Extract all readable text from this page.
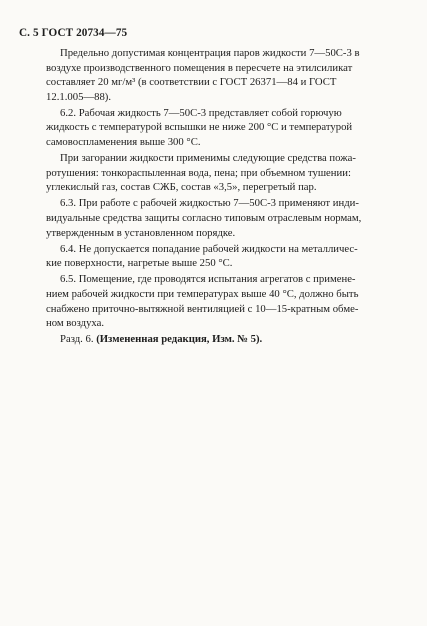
С. 5 ГОСТ 20734—75
Предельно допустимая концентрация паров жидкости 7—50С-3 в
воздухе производственного помещения в пересчете на этилсиликат
составляет 20 мг/м³ (в соответствии с ГОСТ 26371—84 и ГОСТ
12.1.005—88).
6.2. Рабочая жидкость 7—50С-3 представляет собой горючую
жидкость с температурой вспышки не ниже 200 °С и температурой
самовоспламенения выше 300 °С.
При загорании жидкости применимы следующие средства пожа-
ротушения: тонкораспыленная вода, пена; при объемном тушении:
углекислый газ, состав СЖБ, состав «3,5», перегретый пар.
6.3. При работе с рабочей жидкостью 7—50С-3 применяют инди-
видуальные средства защиты согласно типовым отраслевым нормам,
утвержденным в установленном порядке.
6.4. Не допускается попадание рабочей жидкости на металличес-
кие поверхности, нагретые выше 250 °С.
6.5. Помещение, где проводятся испытания агрегатов с примене-
нием рабочей жидкости при температурах выше 40 °С, должно быть
снабжено приточно-вытяжной вентиляцией с 10—15-кратным обме-
ном воздуха.
Разд. 6. (Измененная редакция, Изм. № 5).
